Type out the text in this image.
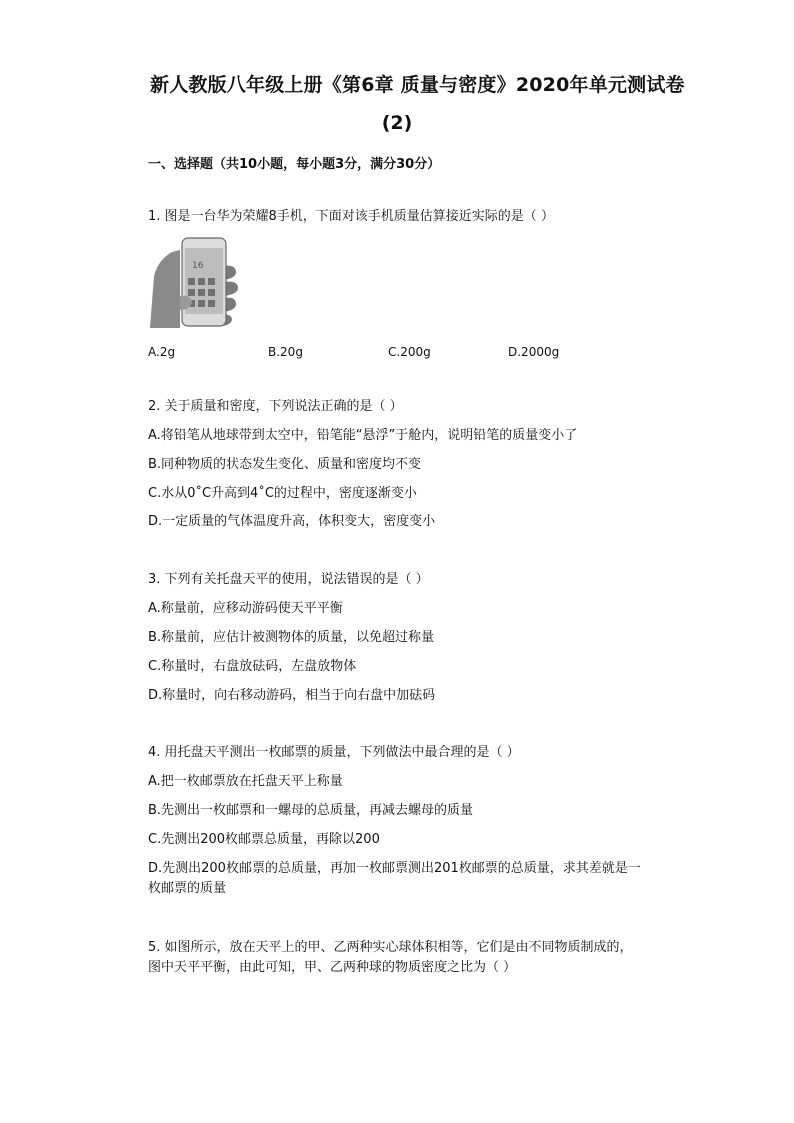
新人教版八年级上册《第6章 质量与密度》2020年单元测试卷
(2)
一、选择题（共10小题，每小题3分，满分30分）
1. 图是一台华为荣耀8手机，下面对该手机质量估算接近实际的是（ ）
16
A.2g	B.20g	C.200g	D.2000g
2. 关于质量和密度，下列说法正确的是（ ）
A.将铅笔从地球带到太空中，铅笔能“悬浮”于舱内，说明铅笔的质量变小了
B.同种物质的状态发生变化、质量和密度均不变
C.水从0˚C升高到4˚C的过程中，密度逐渐变小
D.一定质量的气体温度升高，体积变大，密度变小
3. 下列有关托盘天平的使用，说法错误的是（ ）
A.称量前，应移动游码使天平平衡
B.称量前，应估计被测物体的质量，以免超过称量
C.称量时，右盘放砝码，左盘放物体
D.称量时，向右移动游码，相当于向右盘中加砝码
4. 用托盘天平测出一枚邮票的质量，下列做法中最合理的是（ ）
A.把一枚邮票放在托盘天平上称量
B.先测出一枚邮票和一螺母的总质量，再减去螺母的质量
C.先测出200枚邮票总质量，再除以200
D.先测出200枚邮票的总质量，再加一枚邮票测出201枚邮票的总质量，求其差就是一
枚邮票的质量
5. 如图所示，放在天平上的甲、乙两种实心球体积相等，它们是由不同物质制成的，
图中天平平衡，由此可知，甲、乙两种球的物质密度之比为（ ）
